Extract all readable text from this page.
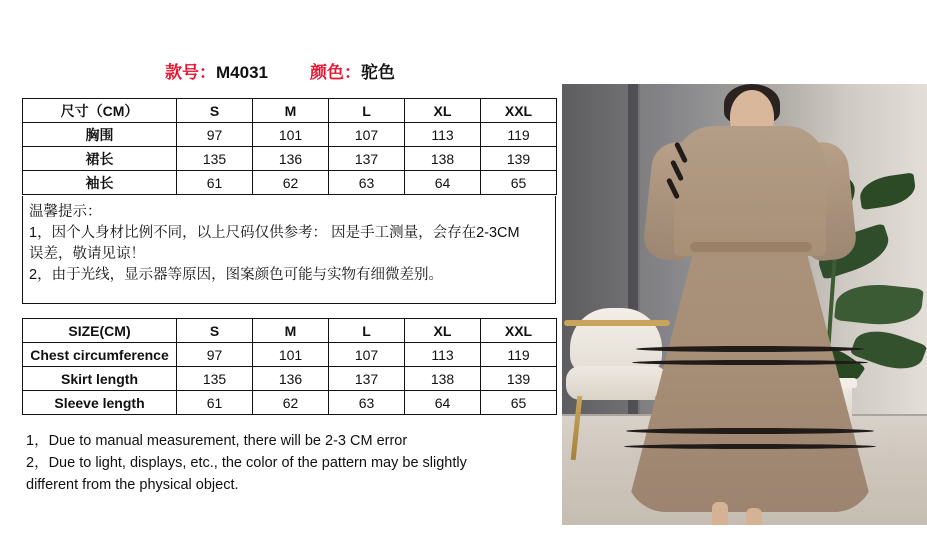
款号：M4031 颜色：驼色
尺寸（CM）	S	M	L	XL	XXL
胸围	97	101	107	113	119
裙长	135	136	137	138	139
袖长	61	62	63	64	65
温馨提示：
1，因个人身材比例不同，以上尺码仅供参考： 因是手工测量，会存在2-3CM
误差，敬请见谅！
2，由于光线，显示器等原因，图案颜色可能与实物有细微差别。
SIZE(CM)	S	M	L	XL	XXL
Chest circumference	97	101	107	113	119
Skirt length	135	136	137	138	139
Sleeve length	61	62	63	64	65
1，Due to manual measurement, there will be 2-3 CM error
2，Due to light, displays, etc., the color of the pattern may be slightly
different from the physical object.
